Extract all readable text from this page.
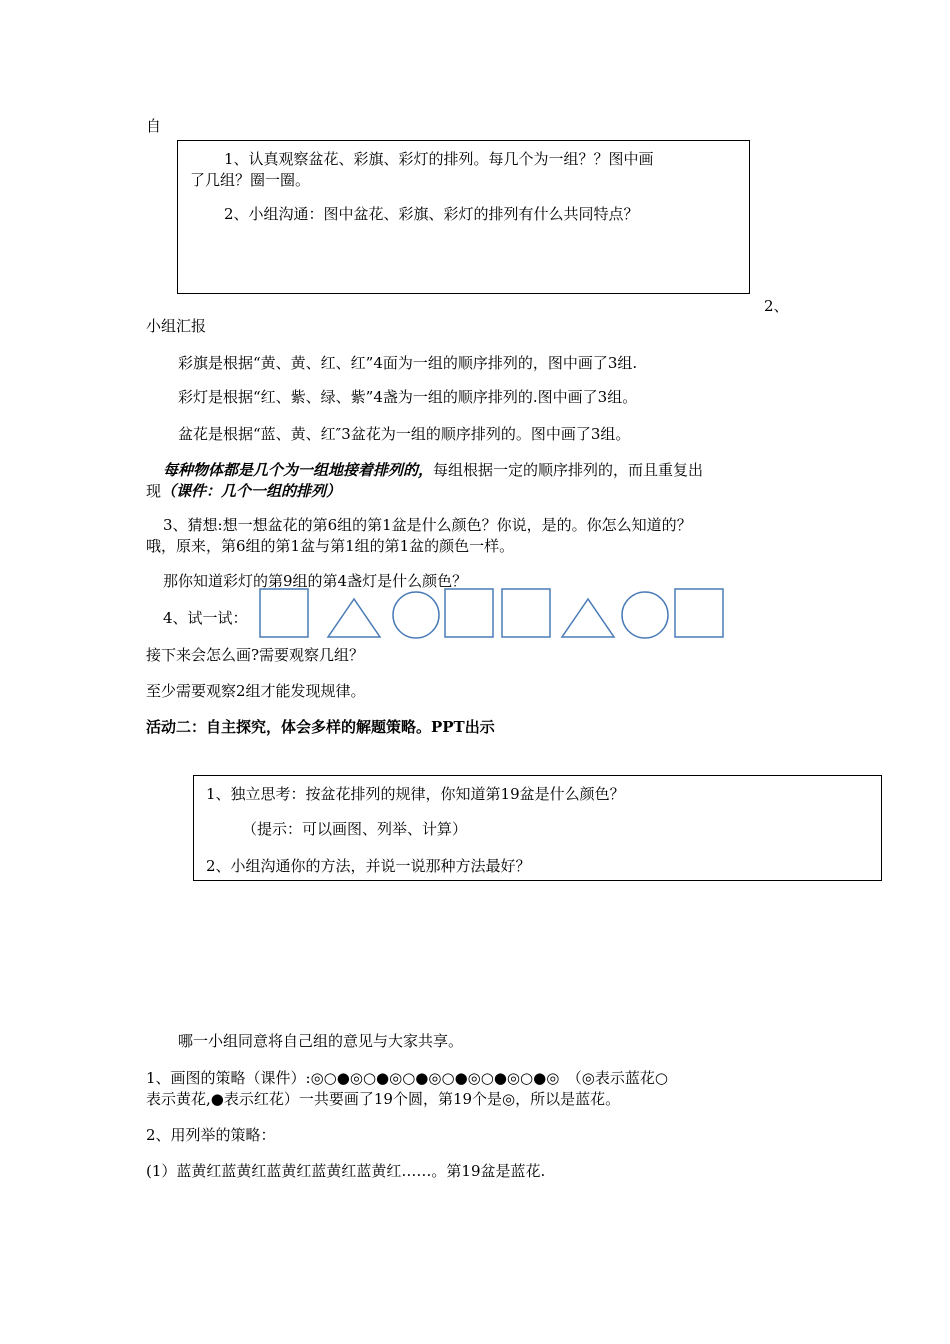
自
1、认真观察盆花、彩旗、彩灯的排列。每几个为一组？？图中画
了几组？圈一圈。
2、小组沟通：图中盆花、彩旗、彩灯的排列有什么共同特点？
2、
小组汇报
彩旗是根据“黄、黄、红、红”4面为一组的顺序排列的，图中画了3组.
彩灯是根据“红、紫、绿、紫”4盏为一组的顺序排列的.图中画了3组。
盆花是根据“蓝、黄、红″3盆花为一组的顺序排列的。图中画了3组。
每种物体都是几个为一组地接着排列的，每组根据一定的顺序排列的，而且重复出
现（课件：几个一组的排列）
3、猜想:想一想盆花的第6组的第1盆是什么颜色？你说，是的。你怎么知道的？
哦，原来，第6组的第1盆与第1组的第1盆的颜色一样。
那你知道彩灯的第9组的第4盏灯是什么颜色？
4、试一试：
接下来会怎么画?需要观察几组？
至少需要观察2组才能发现规律。
活动二：自主探究，体会多样的解题策略。PPT出示
1、独立思考：按盆花排列的规律，你知道第19盆是什么颜色？
（提示：可以画图、列举、计算）
2、小组沟通你的方法，并说一说那种方法最好？
哪一小组同意将自己组的意见与大家共享。
1、画图的策略（课件）:◎○●◎○●◎○●◎○●◎○●◎○●◎　（◎表示蓝花○
表示黄花,●表示红花）一共要画了19个圆，第19个是◎，所以是蓝花。
2、用列举的策略：
(1）蓝黄红蓝黄红蓝黄红蓝黄红蓝黄红……。第19盆是蓝花.
